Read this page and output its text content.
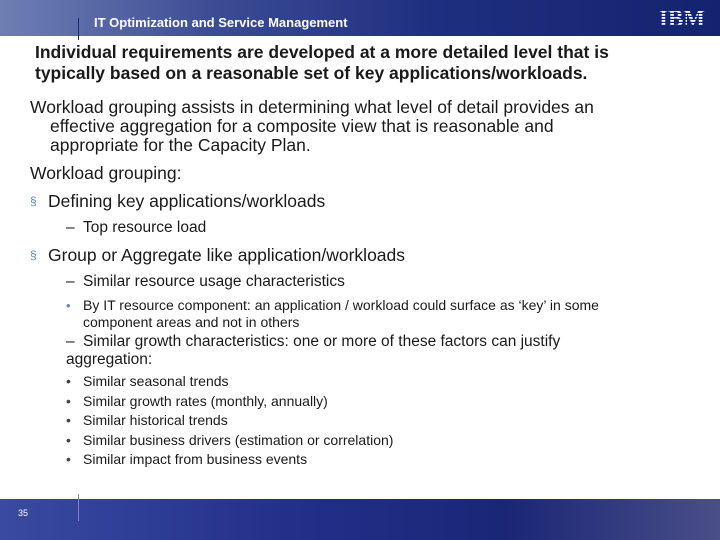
IT Optimization and Service Management	IBM
Individual requirements are developed at a more detailed level that is
typically based on a reasonable set of key applications/workloads.
Workload grouping assists in determining what level of detail provides an
effective aggregation for a composite view that is reasonable and
appropriate for the Capacity Plan.
Workload grouping:
§ Defining key applications/workloads
– Top resource load
§ Group or Aggregate like application/workloads
– Similar resource usage characteristics
• By IT resource component: an application / workload could surface as ‘key’ in some
component areas and not in others
– Similar growth characteristics: one or more of these factors can justify
aggregation:
• Similar seasonal trends
• Similar growth rates (monthly, annually)
• Similar historical trends
• Similar business drivers (estimation or correlation)
• Similar impact from business events
35
